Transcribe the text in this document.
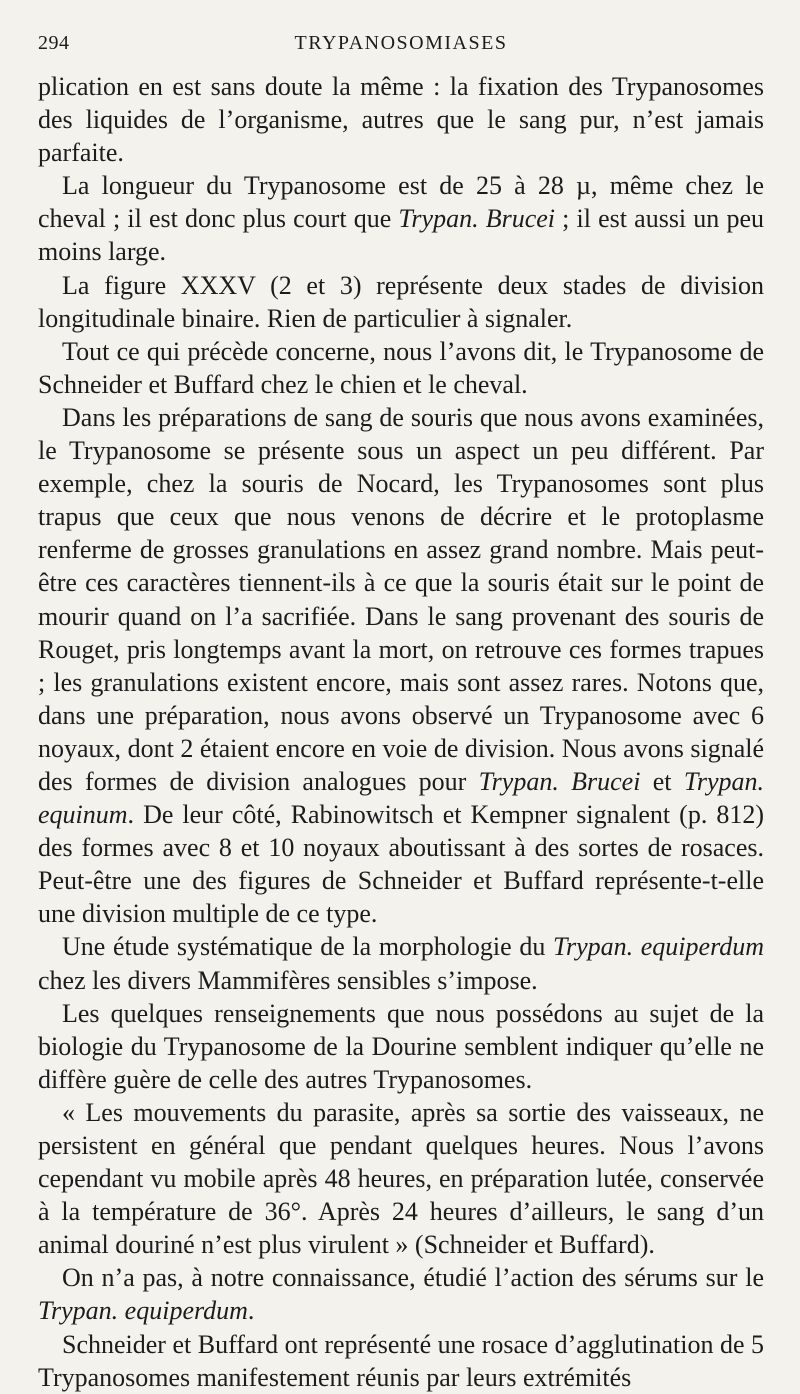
294	TRYPANOSOMIASES

plication en est sans doute la même : la fixation des Trypanosomes des liquides de l’organisme, autres que le sang pur, n’est jamais parfaite.

La longueur du Trypanosome est de 25 à 28 µ, même chez le cheval ; il est donc plus court que Trypan. Brucei ; il est aussi un peu moins large.

La figure XXXV (2 et 3) représente deux stades de division longitudinale binaire. Rien de particulier à signaler.

Tout ce qui précède concerne, nous l’avons dit, le Trypanosome de Schneider et Buffard chez le chien et le cheval.

Dans les préparations de sang de souris que nous avons examinées, le Trypanosome se présente sous un aspect un peu différent. Par exemple, chez la souris de Nocard, les Trypanosomes sont plus trapus que ceux que nous venons de décrire et le protoplasme renferme de grosses granulations en assez grand nombre. Mais peut-être ces caractères tiennent-ils à ce que la souris était sur le point de mourir quand on l’a sacrifiée. Dans le sang provenant des souris de Rouget, pris longtemps avant la mort, on retrouve ces formes trapues ; les granulations existent encore, mais sont assez rares. Notons que, dans une préparation, nous avons observé un Trypanosome avec 6 noyaux, dont 2 étaient encore en voie de division. Nous avons signalé des formes de division analogues pour Trypan. Brucei et Trypan. equinum. De leur côté, Rabinowitsch et Kempner signalent (p. 812) des formes avec 8 et 10 noyaux aboutissant à des sortes de rosaces. Peut-être une des figures de Schneider et Buffard représente-t-elle une division multiple de ce type.

Une étude systématique de la morphologie du Trypan. equiperdum chez les divers Mammifères sensibles s’impose.

Les quelques renseignements que nous possédons au sujet de la biologie du Trypanosome de la Dourine semblent indiquer qu’elle ne diffère guère de celle des autres Trypanosomes.

« Les mouvements du parasite, après sa sortie des vaisseaux, ne persistent en général que pendant quelques heures. Nous l’avons cependant vu mobile après 48 heures, en préparation lutée, conservée à la température de 36°. Après 24 heures d’ailleurs, le sang d’un animal douriné n’est plus virulent » (Schneider et Buffard).

On n’a pas, à notre connaissance, étudié l’action des sérums sur le Trypan. equiperdum.

Schneider et Buffard ont représenté une rosace d’agglutination de 5 Trypanosomes manifestement réunis par leurs extrémités
